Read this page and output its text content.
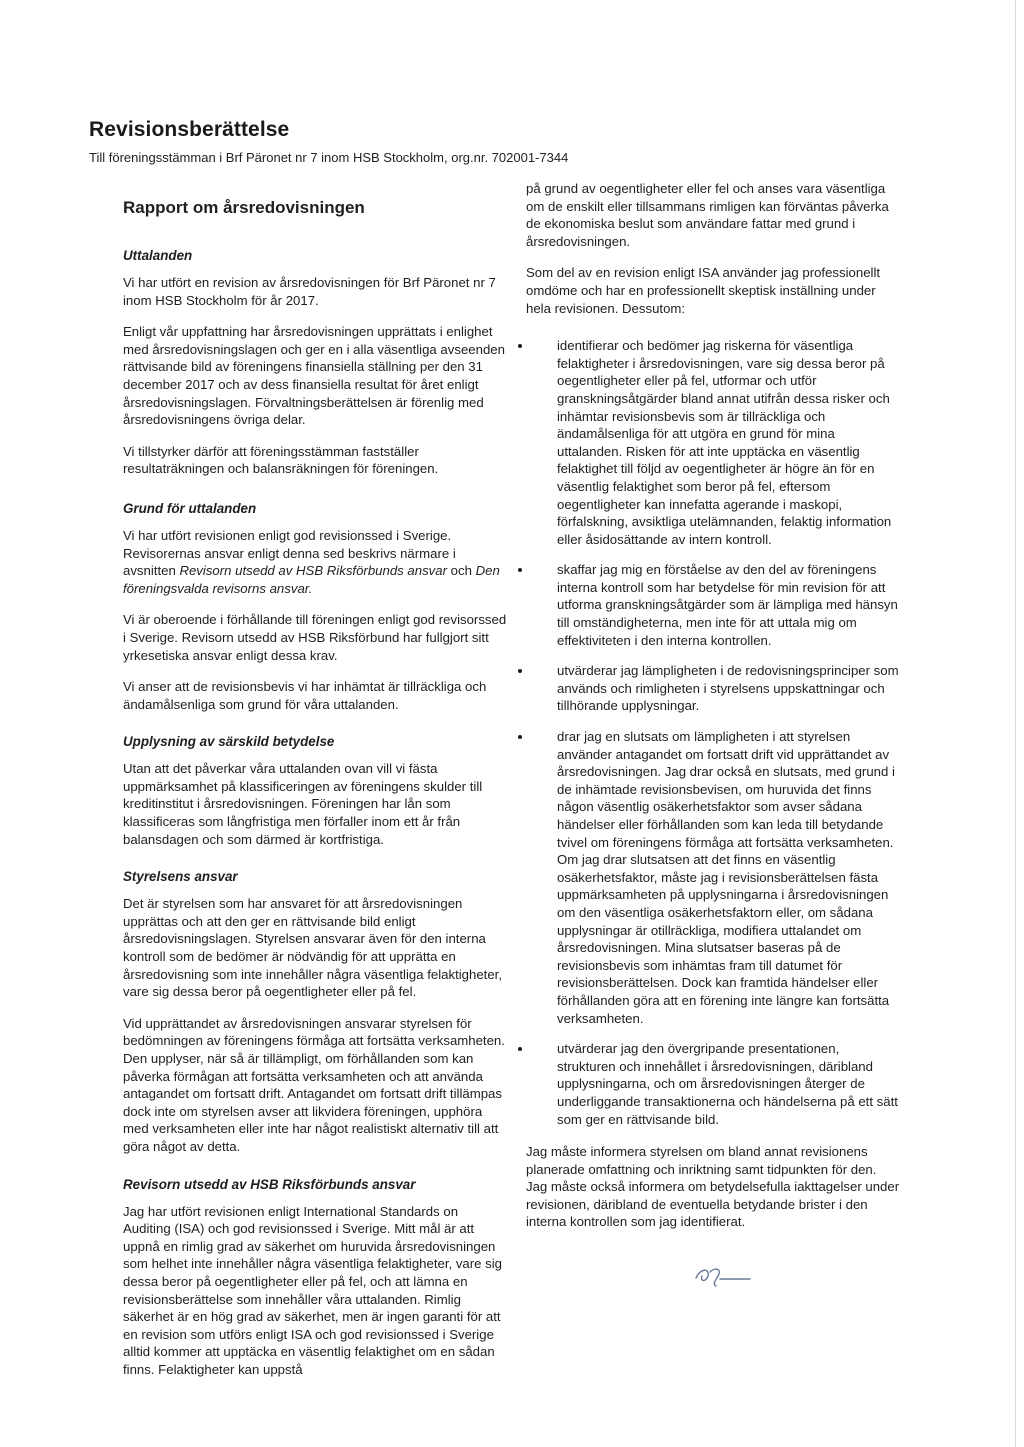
Revisionsberättelse
Till föreningsstämman i Brf Päronet nr 7 inom HSB Stockholm, org.nr. 702001-7344
Rapport om årsredovisningen
Uttalanden

Vi har utfört en revision av årsredovisningen för Brf Päronet nr 7 inom HSB Stockholm för år 2017.

Enligt vår uppfattning har årsredovisningen upprättats i enlighet med årsredovisningslagen och ger en i alla väsentliga avseenden rättvisande bild av föreningens finansiella ställning per den 31 december 2017 och av dess finansiella resultat för året enligt årsredovisningslagen. Förvaltningsberättelsen är förenlig med årsredovisningens övriga delar.

Vi tillstyrker därför att föreningsstämman fastställer resultaträkningen och balansräkningen för föreningen.

Grund för uttalanden

Vi har utfört revisionen enligt god revisionssed i Sverige. Revisorernas ansvar enligt denna sed beskrivs närmare i avsnitten Revisorn utsedd av HSB Riksförbunds ansvar och Den föreningsvalda revisorns ansvar.

Vi är oberoende i förhållande till föreningen enligt god revisorssed i Sverige. Revisorn utsedd av HSB Riksförbund har fullgjort sitt yrkesetiska ansvar enligt dessa krav.

Vi anser att de revisionsbevis vi har inhämtat är tillräckliga och ändamålsenliga som grund för våra uttalanden.

Upplysning av särskild betydelse

Utan att det påverkar våra uttalanden ovan vill vi fästa uppmärksamhet på klassificeringen av föreningens skulder till kreditinstitut i årsredovisningen. Föreningen har lån som klassificeras som långfristiga men förfaller inom ett år från balansdagen och som därmed är kortfristiga.

Styrelsens ansvar

Det är styrelsen som har ansvaret för att årsredovisningen upprättas och att den ger en rättvisande bild enligt årsredovisningslagen. Styrelsen ansvarar även för den interna kontroll som de bedömer är nödvändig för att upprätta en årsredovisning som inte innehåller några väsentliga felaktigheter, vare sig dessa beror på oegentligheter eller på fel.

Vid upprättandet av årsredovisningen ansvarar styrelsen för bedömningen av föreningens förmåga att fortsätta verksamheten. Den upplyser, när så är tillämpligt, om förhållanden som kan påverka förmågan att fortsätta verksamheten och att använda antagandet om fortsatt drift. Antagandet om fortsatt drift tillämpas dock inte om styrelsen avser att likvidera föreningen, upphöra med verksamheten eller inte har något realistiskt alternativ till att göra något av detta.

Revisorn utsedd av HSB Riksförbunds ansvar

Jag har utfört revisionen enligt International Standards on Auditing (ISA) och god revisionssed i Sverige. Mitt mål är att uppnå en rimlig grad av säkerhet om huruvida årsredovisningen som helhet inte innehåller några väsentliga felaktigheter, vare sig dessa beror på oegentligheter eller på fel, och att lämna en revisionsberättelse som innehåller våra uttalanden. Rimlig säkerhet är en hög grad av säkerhet, men är ingen garanti för att en revision som utförs enligt ISA och god revisionssed i Sverige alltid kommer att upptäcka en väsentlig felaktighet om en sådan finns. Felaktigheter kan uppstå

på grund av oegentligheter eller fel och anses vara väsentliga om de enskilt eller tillsammans rimligen kan förväntas påverka de ekonomiska beslut som användare fattar med grund i årsredovisningen.

Som del av en revision enligt ISA använder jag professionellt omdöme och har en professionellt skeptisk inställning under hela revisionen. Dessutom:

identifierar och bedömer jag riskerna för väsentliga felaktigheter i årsredovisningen, vare sig dessa beror på oegentligheter eller på fel, utformar och utför granskningsåtgärder bland annat utifrån dessa risker och inhämtar revisionsbevis som är tillräckliga och ändamålsenliga för att utgöra en grund för mina uttalanden. Risken för att inte upptäcka en väsentlig felaktighet till följd av oegentligheter är högre än för en väsentlig felaktighet som beror på fel, eftersom oegentligheter kan innefatta agerande i maskopi, förfalskning, avsiktliga utelämnanden, felaktig information eller åsidosättande av intern kontroll.
skaffar jag mig en förståelse av den del av föreningens interna kontroll som har betydelse för min revision för att utforma granskningsåtgärder som är lämpliga med hänsyn till omständigheterna, men inte för att uttala mig om effektiviteten i den interna kontrollen.
utvärderar jag lämpligheten i de redovisningsprinciper som används och rimligheten i styrelsens uppskattningar och tillhörande upplysningar.
drar jag en slutsats om lämpligheten i att styrelsen använder antagandet om fortsatt drift vid upprättandet av årsredovisningen. Jag drar också en slutsats, med grund i de inhämtade revisionsbevisen, om huruvida det finns någon väsentlig osäkerhetsfaktor som avser sådana händelser eller förhållanden som kan leda till betydande tvivel om föreningens förmåga att fortsätta verksamheten. Om jag drar slutsatsen att det finns en väsentlig osäkerhetsfaktor, måste jag i revisionsberättelsen fästa uppmärksamheten på upplysningarna i årsredovisningen om den väsentliga osäkerhetsfaktorn eller, om sådana upplysningar är otillräckliga, modifiera uttalandet om årsredovisningen. Mina slutsatser baseras på de revisionsbevis som inhämtas fram till datumet för revisionsberättelsen. Dock kan framtida händelser eller förhållanden göra att en förening inte längre kan fortsätta verksamheten.
utvärderar jag den övergripande presentationen, strukturen och innehållet i årsredovisningen, däribland upplysningarna, och om årsredovisningen återger de underliggande transaktionerna och händelserna på ett sätt som ger en rättvisande bild.

Jag måste informera styrelsen om bland annat revisionens planerade omfattning och inriktning samt tidpunkten för den. Jag måste också informera om betydelsefulla iakttagelser under revisionen, däribland de eventuella betydande brister i den interna kontrollen som jag identifierat.
